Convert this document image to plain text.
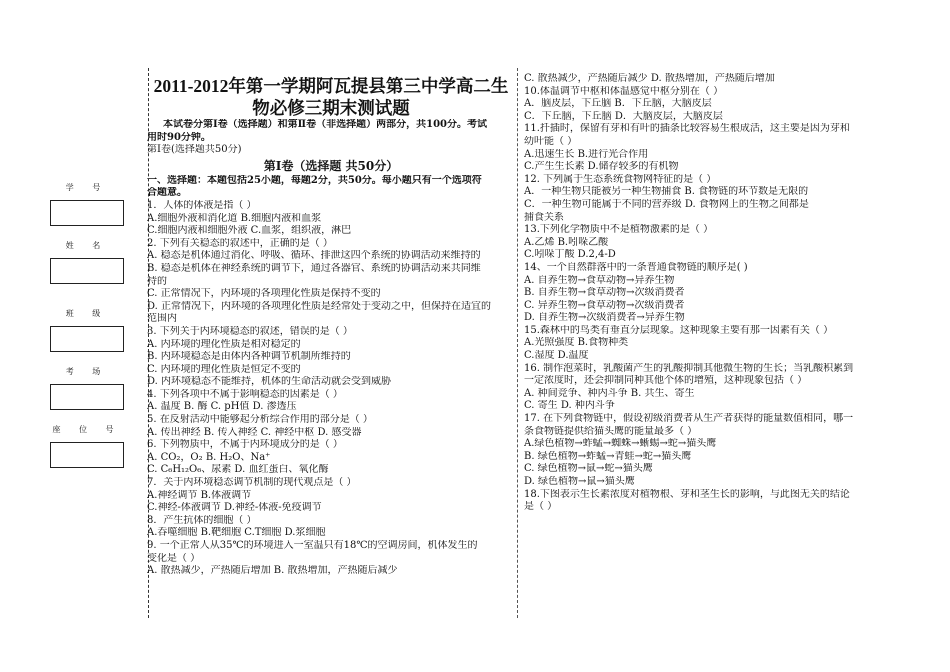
学 号
姓 名
班 级
考 场
座 位 号
2011-2012年第一学期阿瓦提县第三中学高二生
物必修三期末测试题
本试卷分第Ⅰ卷（选择题）和第Ⅱ卷（非选择题）两部分，共100分。考试
用时90分钟。
第Ⅰ卷(选择题共50分)
第Ⅰ卷（选择题 共50分）
一、选择题：本题包括25小题，每题2分，共50分。每小题只有一个选项符
合题意。
1．人体的体液是指（ ）
A.细胞外液和消化道 B.细胞内液和血浆
C.细胞内液和细胞外液 C.血浆，组织液，淋巴
2. 下列有关稳态的叙述中，正确的是（ ）
A. 稳态是机体通过消化、呼吸、循环、排泄这四个系统的协调活动来维持的
B. 稳态是机体在神经系统的调节下，通过各器官、系统的协调活动来共同维
持的
C. 正常情况下，内环境的各项理化性质是保持不变的
D. 正常情况下，内环境的各项理化性质是经常处于变动之中，但保持在适宜的
范围内
3. 下列关于内环境稳态的叙述，错误的是（ ）
A. 内环境的理化性质是相对稳定的
B. 内环境稳态是由体内各种调节机制所维持的
C. 内环境的理化性质是恒定不变的
D. 内环境稳态不能维持，机体的生命活动就会受到威胁
4. 下列各项中不属于影响稳态的因素是（ ）
A. 温度 B. 酶 C. pH值 D. 渗透压
5. 在反射活动中能够起分析综合作用的部分是（ ）
A. 传出神经 B. 传入神经 C. 神经中枢 D. 感受器
6. 下列物质中，不属于内环境成分的是（ ）
A. CO₂，O₂ B. H₂O、Na⁺
C. C₆H₁₂O₆、尿素 D. 血红蛋白、氧化酶
7．关于内环境稳态调节机制的现代观点是（ ）
A.神经调节 B.体液调节
C.神经-体液调节 D.神经-体液-免疫调节
8．产生抗体的细胞（ ）
A.吞噬细胞 B.靶细胞 C.T细胞 D.浆细胞
9. 一个正常人从35℃的环境进入一室温只有18℃的空调房间，机体发生的
变化是（ ）
A. 散热减少，产热随后增加 B. 散热增加，产热随后减少
C. 散热减少，产热随后减少 D. 散热增加，产热随后增加
10.体温调节中枢和体温感觉中枢分别在（ ）
A．脑皮层，下丘脑 B．下丘脑，大脑皮层
C．下丘脑，下丘脑 D．大脑皮层，大脑皮层
11.扦插时，保留有芽和有叶的插条比较容易生根成活，这主要是因为芽和
幼叶能（ ）
A.迅速生长 B.进行光合作用
C.产生生长素 D.储存较多的有机物
12. 下列属于生态系统食物网特征的是（ ）
A．一种生物只能被另一种生物捕食 B. 食物链的环节数是无限的
C．一种生物可能属于不同的营养级 D. 食物网上的生物之间都是
捕食关系
13.下列化学物质中不是植物激素的是（ ）
A.乙烯 B.吲哚乙酸
C.吲哚丁酸 D.2,4-D
14、一个自然群落中的一条普通食物链的顺序是( )
A. 自养生物→食草动物→异养生物
B. 自养生物→食草动物→次级消费者
C. 异养生物→食草动物→次级消费者
D. 自养生物→次级消费者→异养生物
15.森林中的鸟类有垂直分层现象。这种现象主要有那一因素有关（ ）
A.光照强度 B.食物种类
C.湿度 D.温度
16. 制作泡菜时，乳酸菌产生的乳酸抑制其他微生物的生长；当乳酸积累到
一定浓度时，还会抑制同种其他个体的增殖，这种现象包括（ ）
A. 种间竞争、种内斗争 B. 共生、寄生
C. 寄生 D. 种内斗争
17. 在下列食物链中，假设初级消费者从生产者获得的能量数值相同，哪一
条食物链提供给猫头鹰的能量最多（ ）
A.绿色植物→蚱蜢→蜘蛛→蜥蜴→蛇→猫头鹰
B. 绿色植物→蚱蜢→青蛙→蛇→猫头鹰
C. 绿色植物→鼠→蛇→猫头鹰
D. 绿色植物→鼠→猫头鹰
18.下图表示生长素浓度对植物根、芽和茎生长的影响，与此图无关的结论
是（ ）
